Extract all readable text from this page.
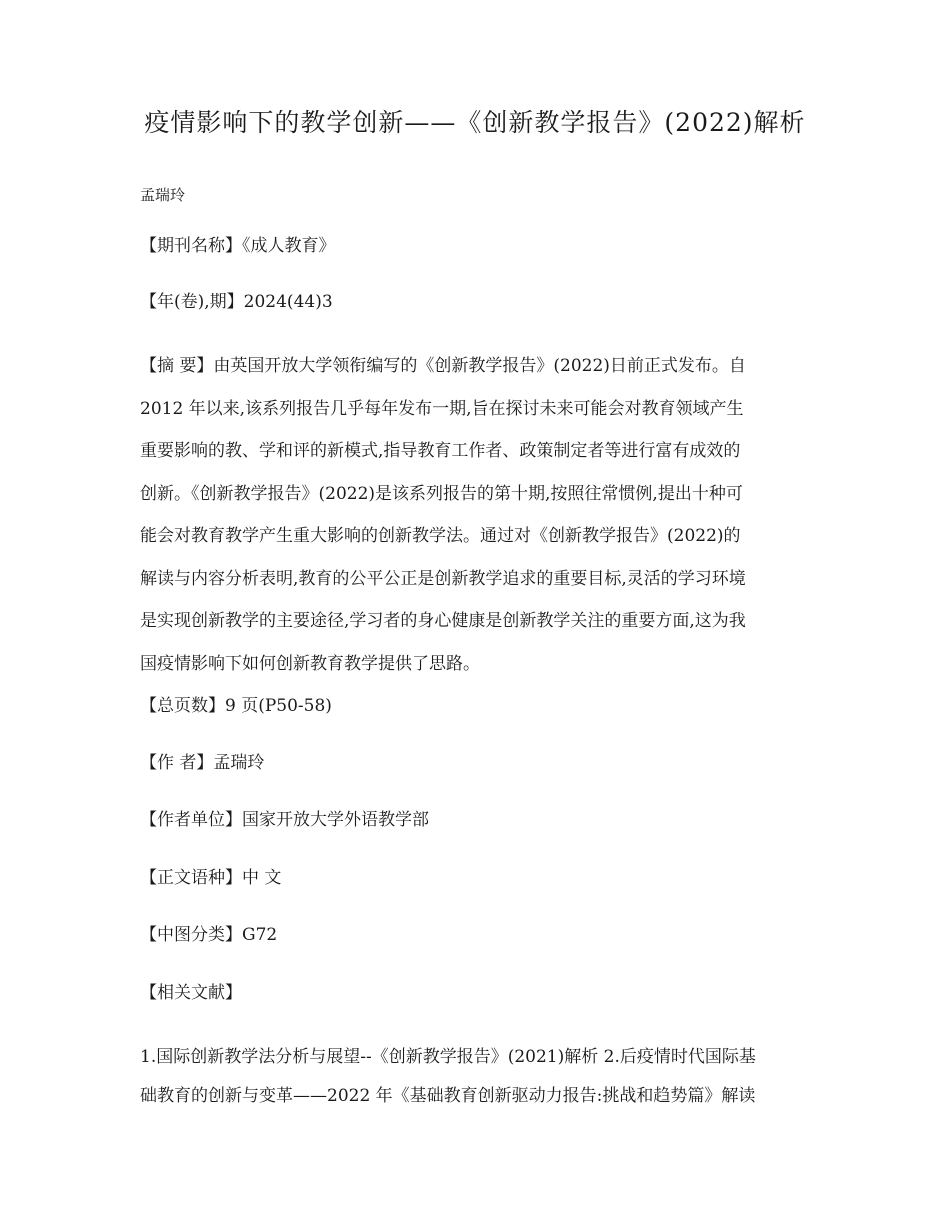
疫情影响下的教学创新——《创新教学报告》(2022)解析
孟瑞玲
【期刊名称】《成人教育》
【年(卷),期】2024(44)3
【摘 要】由英国开放大学领衔编写的《创新教学报告》(2022)日前正式发布。自
2012 年以来,该系列报告几乎每年发布一期,旨在探讨未来可能会对教育领域产生
重要影响的教、学和评的新模式,指导教育工作者、政策制定者等进行富有成效的
创新。《创新教学报告》(2022)是该系列报告的第十期,按照往常惯例,提出十种可
能会对教育教学产生重大影响的创新教学法。通过对《创新教学报告》(2022)的
解读与内容分析表明,教育的公平公正是创新教学追求的重要目标,灵活的学习环境
是实现创新教学的主要途径,学习者的身心健康是创新教学关注的重要方面,这为我
国疫情影响下如何创新教育教学提供了思路。
【总页数】9 页(P50-58)
【作 者】孟瑞玲
【作者单位】国家开放大学外语教学部
【正文语种】中 文
【中图分类】G72
【相关文献】
1.国际创新教学法分析与展望--《创新教学报告》(2021)解析 2.后疫情时代国际基
础教育的创新与变革——2022 年《基础教育创新驱动力报告:挑战和趋势篇》解读
